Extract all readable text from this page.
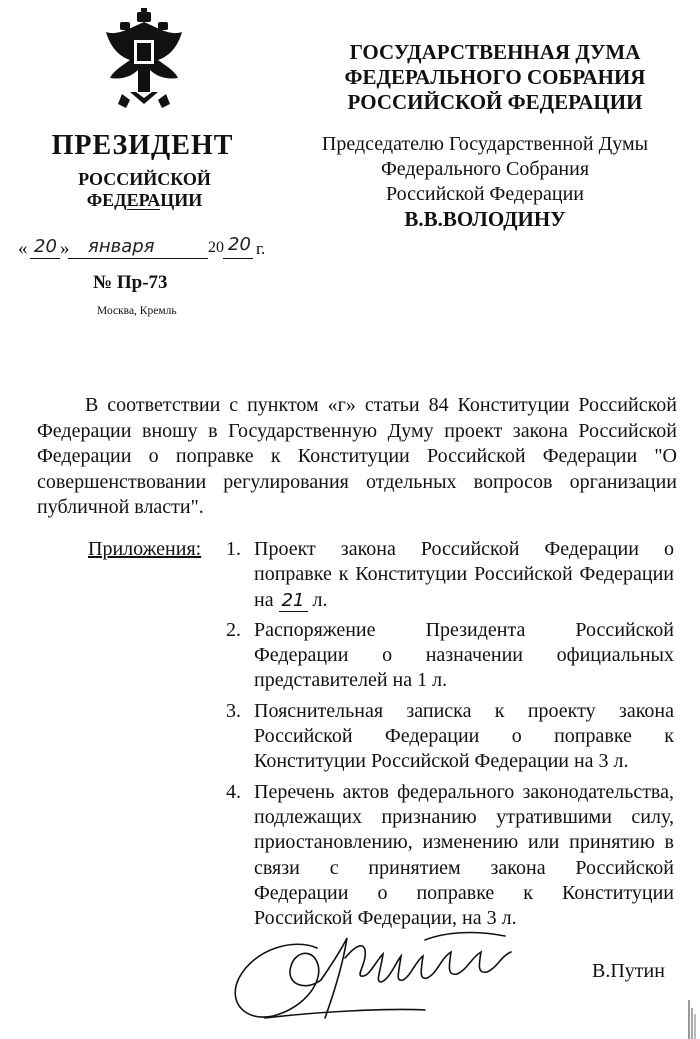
ПРЕЗИДЕНТ
РОССИЙСКОЙ ФЕДЕРАЦИИ
« 20 » января	20 20 г.
№ Пр-73
Москва, Кремль
ГОСУДАРСТВЕННАЯ ДУМА
ФЕДЕРАЛЬНОГО СОБРАНИЯ
РОССИЙСКОЙ ФЕДЕРАЦИИ
Председателю Государственной Думы
Федерального Собрания
Российской Федерации
В.В.ВОЛОДИНУ
В соответствии с пунктом «г» статьи 84 Конституции Российской Федерации вношу в Государственную Думу проект закона Российской Федерации о поправке к Конституции Российской Федерации "О совершенствовании регулирования отдельных вопросов организации публичной власти".
Приложения: 1. Проект закона Российской Федерации о поправке к Конституции Российской Федерации на 21 л.
2. Распоряжение Президента Российской Федерации о назначении официальных представителей на 1 л.
3. Пояснительная записка к проекту закона Российской Федерации о поправке к Конституции Российской Федерации на 3 л.
4. Перечень актов федерального законодательства, подлежащих признанию утратившими силу, приостановлению, изменению или принятию в связи с принятием закона Российской Федерации о поправке к Конституции Российской Федерации, на 3 л.
В.Путин
